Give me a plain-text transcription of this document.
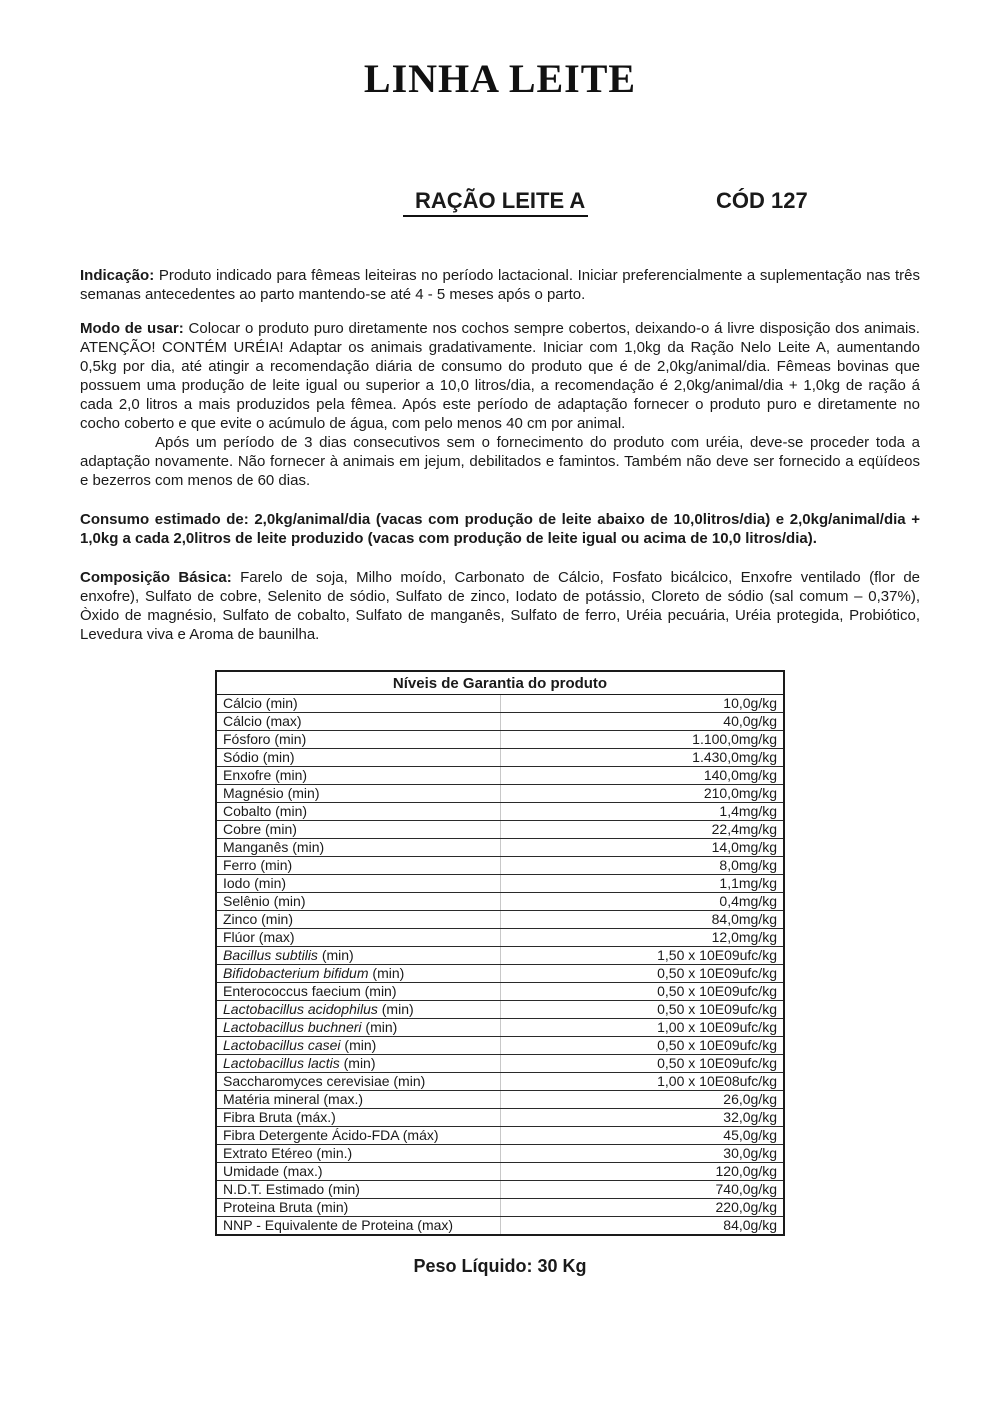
LINHA LEITE
RAÇÃO LEITE A	CÓD 127

Indicação: Produto indicado para fêmeas leiteiras no período lactacional. Iniciar preferencialmente a suplementação nas três semanas antecedentes ao parto mantendo-se até 4 - 5 meses após o parto.

Modo de usar: Colocar o produto puro diretamente nos cochos sempre cobertos, deixando-o á livre disposição dos animais. ATENÇÃO! CONTÉM URÉIA! Adaptar os animais gradativamente. Iniciar com 1,0kg da Ração Nelo Leite A, aumentando 0,5kg por dia, até atingir a recomendação diária de consumo do produto que é de 2,0kg/animal/dia. Fêmeas bovinas que possuem uma produção de leite igual ou superior a 10,0 litros/dia, a recomendação é 2,0kg/animal/dia + 1,0kg de ração á cada 2,0 litros a mais produzidos pela fêmea. Após este período de adaptação fornecer o produto puro e diretamente no cocho coberto e que evite o acúmulo de água, com pelo menos 40 cm por animal.

Após um período de 3 dias consecutivos sem o fornecimento do produto com uréia, deve-se proceder toda a adaptação novamente. Não fornecer à animais em jejum, debilitados e famintos. Também não deve ser fornecido a eqüídeos e bezerros com menos de 60 dias.

Consumo estimado de: 2,0kg/animal/dia (vacas com produção de leite abaixo de 10,0litros/dia) e 2,0kg/animal/dia + 1,0kg a cada 2,0litros de leite produzido (vacas com produção de leite igual ou acima de 10,0 litros/dia).

Composição Básica: Farelo de soja, Milho moído, Carbonato de Cálcio, Fosfato bicálcico, Enxofre ventilado (flor de enxofre), Sulfato de cobre, Selenito de sódio, Sulfato de zinco, Iodato de potássio, Cloreto de sódio (sal comum – 0,37%), Òxido de magnésio, Sulfato de cobalto, Sulfato de manganês, Sulfato de ferro, Uréia pecuária, Uréia protegida, Probiótico, Levedura viva e Aroma de baunilha.

Níveis de Garantia do produto	
Cálcio (min)	10,0g/kg
Cálcio (max)	40,0g/kg
Fósforo (min)	1.100,0mg/kg
Sódio (min)	1.430,0mg/kg
Enxofre (min)	140,0mg/kg
Magnésio (min)	210,0mg/kg
Cobalto (min)	1,4mg/kg
Cobre (min)	22,4mg/kg
Manganês (min)	14,0mg/kg
Ferro (min)	8,0mg/kg
Iodo (min)	1,1mg/kg
Selênio (min)	0,4mg/kg
Zinco (min)	84,0mg/kg
Flúor (max)	12,0mg/kg
Bacillus subtilis (min)	1,50 x 10E09ufc/kg
Bifidobacterium bifidum (min)	0,50 x 10E09ufc/kg
Enterococcus faecium (min)	0,50 x 10E09ufc/kg
Lactobacillus acidophilus (min)	0,50 x 10E09ufc/kg
Lactobacillus buchneri (min)	1,00 x 10E09ufc/kg
Lactobacillus casei (min)	0,50 x 10E09ufc/kg
Lactobacillus lactis (min)	0,50 x 10E09ufc/kg
Saccharomyces cerevisiae (min)	1,00 x 10E08ufc/kg
Matéria mineral (max.)	26,0g/kg
Fibra Bruta (máx.)	32,0g/kg
Fibra Detergente Ácido-FDA (máx)	45,0g/kg
Extrato Etéreo (min.)	30,0g/kg
Umidade (max.)	120,0g/kg
N.D.T. Estimado (min)	740,0g/kg
Proteina Bruta (min)	220,0g/kg
NNP - Equivalente de Proteina (max)	84,0g/kg
Peso Líquido: 30 Kg
